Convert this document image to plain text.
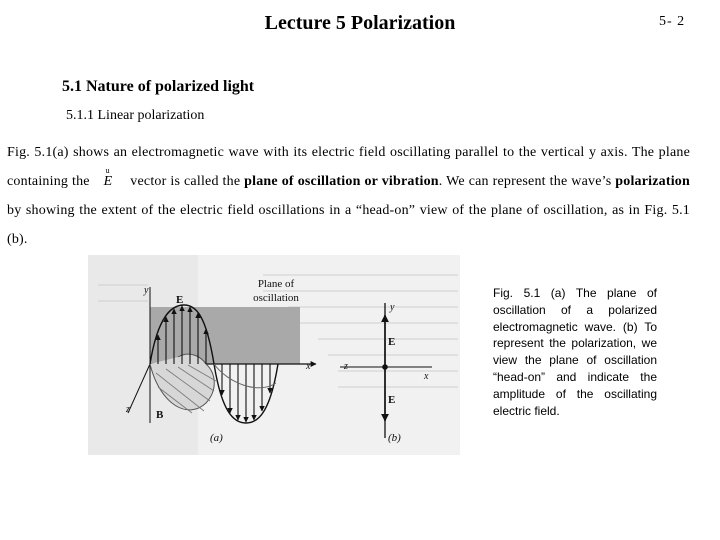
Lecture 5 Polarization	5- 2
5.1 Nature of polarized light
5.1.1 Linear polarization
Fig. 5.1(a) shows an electromagnetic wave with its electric field oscillating parallel to the vertical y axis. The plane containing the
u
E vector is called the plane of oscillation or vibration. We can represent the wave’s polarization by showing the extent of the electric field oscillations in a “head-on” view of the plane of oscillation, as in Fig. 5.1 (b).
Plane of
oscillation
y
E
x
z B
(a)	(b)
y
E
E
x
z
Fig. 5.1 (a) The plane of oscillation of a polarized electromagnetic wave. (b) To represent the polarization, we view the plane of oscillation “head-on” and indicate the amplitude of the oscillating electric field.
